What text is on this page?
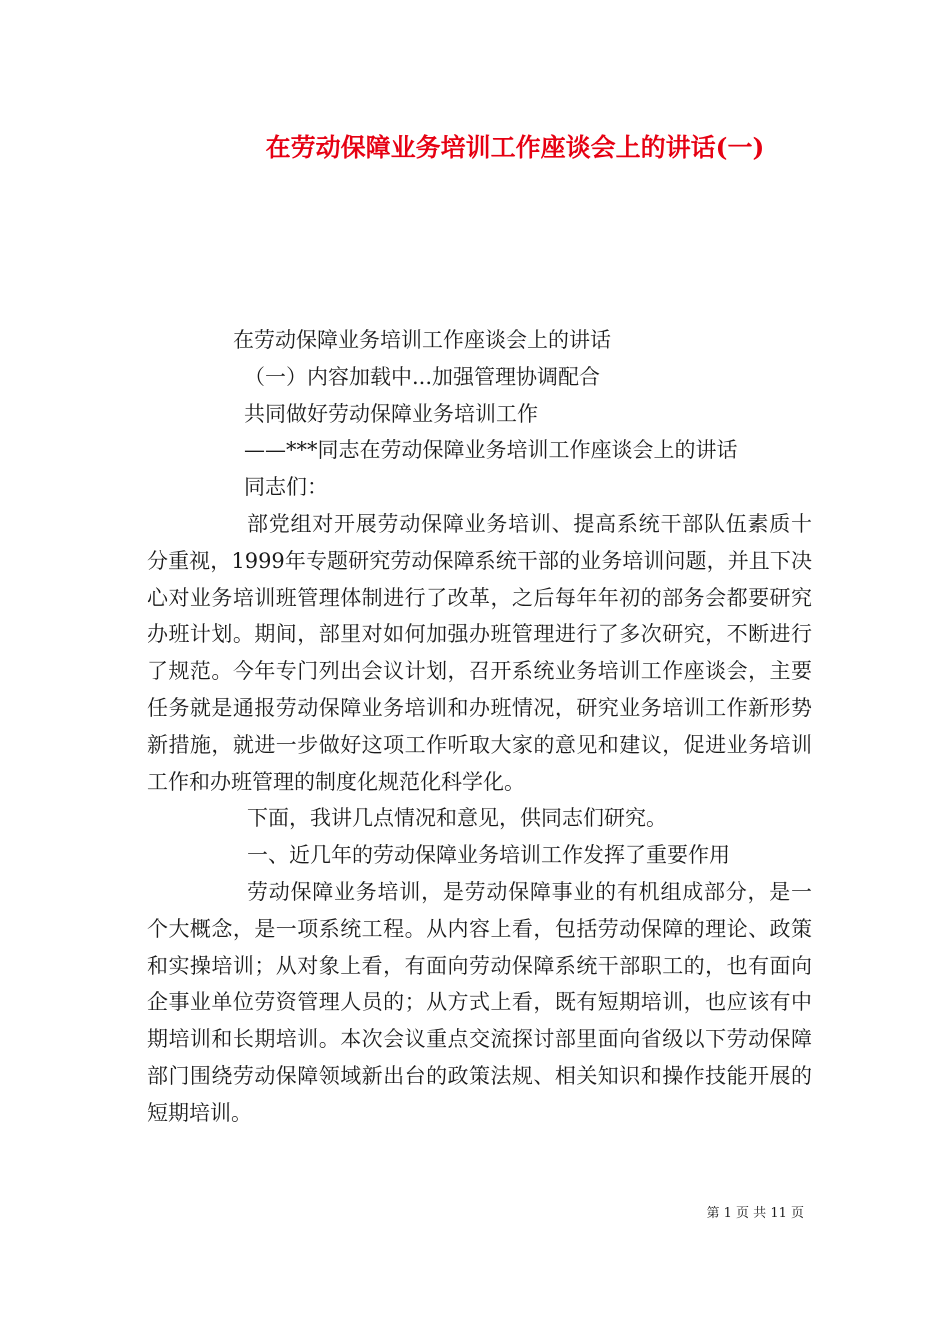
在劳动保障业务培训工作座谈会上的讲话(一)

在劳动保障业务培训工作座谈会上的讲话

（一）内容加载中...加强管理协调配合

共同做好劳动保障业务培训工作

——***同志在劳动保障业务培训工作座谈会上的讲话

同志们：

部党组对开展劳动保障业务培训、提高系统干部队伍素质十分重视，1999年专题研究劳动保障系统干部的业务培训问题，并且下决心对业务培训班管理体制进行了改革，之后每年年初的部务会都要研究办班计划。期间，部里对如何加强办班管理进行了多次研究，不断进行了规范。今年专门列出会议计划，召开系统业务培训工作座谈会，主要任务就是通报劳动保障业务培训和办班情况，研究业务培训工作新形势新措施，就进一步做好这项工作听取大家的意见和建议，促进业务培训工作和办班管理的制度化规范化科学化。

下面，我讲几点情况和意见，供同志们研究。

一、近几年的劳动保障业务培训工作发挥了重要作用

劳动保障业务培训，是劳动保障事业的有机组成部分，是一个大概念，是一项系统工程。从内容上看，包括劳动保障的理论、政策和实操培训；从对象上看，有面向劳动保障系统干部职工的，也有面向企事业单位劳资管理人员的；从方式上看，既有短期培训，也应该有中期培训和长期培训。本次会议重点交流探讨部里面向省级以下劳动保障部门围绕劳动保障领域新出台的政策法规、相关知识和操作技能开展的短期培训。

第 1 页 共 11 页
